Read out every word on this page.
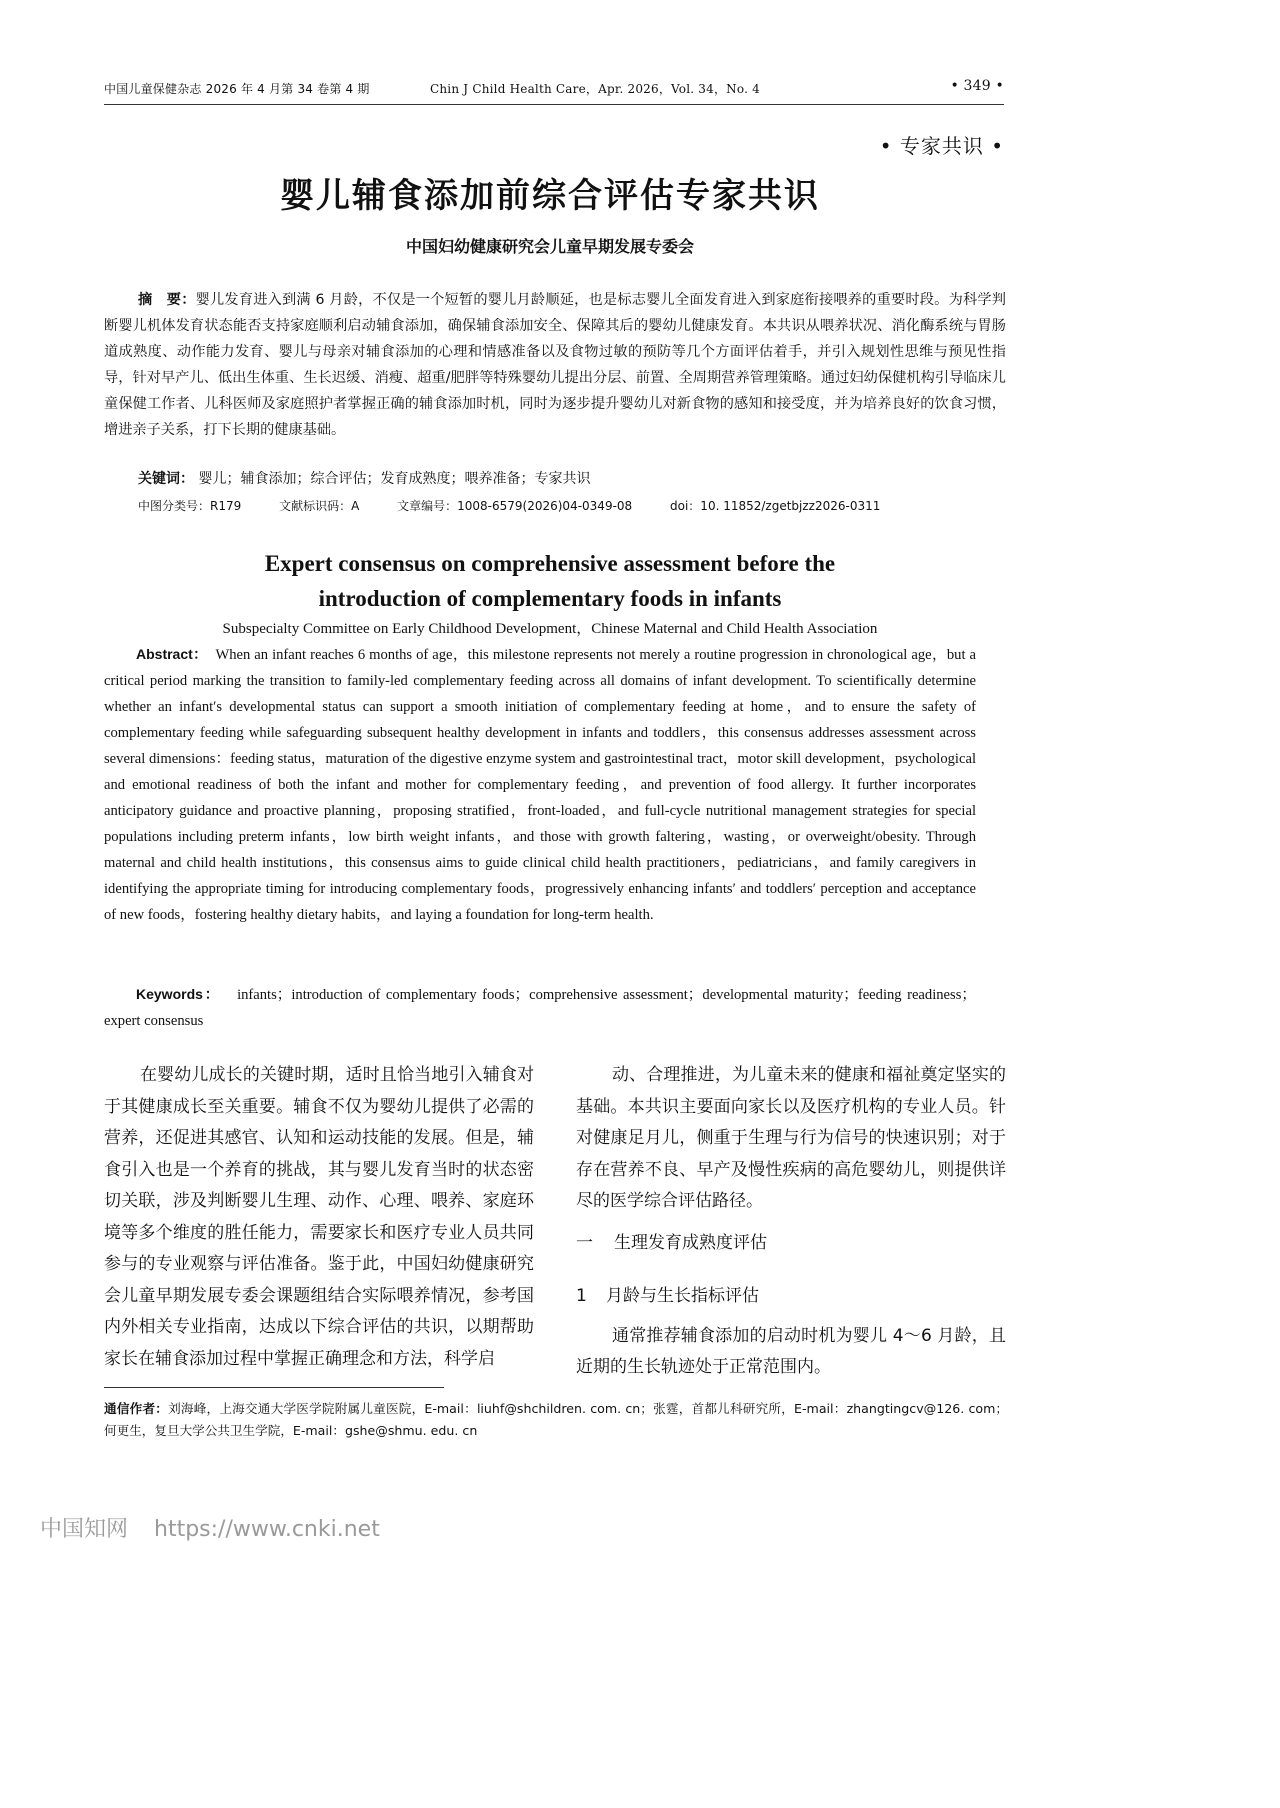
中国儿童保健杂志 2026 年 4 月第 34 卷第 4 期	Chin J Child Health Care，Apr. 2026，Vol. 34，No. 4	• 349 •
• 专家共识 •
婴儿辅食添加前综合评估专家共识
中国妇幼健康研究会儿童早期发展专委会
摘　要：婴儿发育进入到满 6 月龄，不仅是一个短暂的婴儿月龄顺延，也是标志婴儿全面发育进入到家庭衔接喂养的重要时段。为科学判断婴儿机体发育状态能否支持家庭顺利启动辅食添加，确保辅食添加安全、保障其后的婴幼儿健康发育。本共识从喂养状况、消化酶系统与胃肠道成熟度、动作能力发育、婴儿与母亲对辅食添加的心理和情感准备以及食物过敏的预防等几个方面评估着手，并引入规划性思维与预见性指导，针对早产儿、低出生体重、生长迟缓、消瘦、超重/肥胖等特殊婴幼儿提出分层、前置、全周期营养管理策略。通过妇幼保健机构引导临床儿童保健工作者、儿科医师及家庭照护者掌握正确的辅食添加时机，同时为逐步提升婴幼儿对新食物的感知和接受度，并为培养良好的饮食习惯，增进亲子关系，打下长期的健康基础。
关键词： 婴儿；辅食添加；综合评估；发育成熟度；喂养准备；专家共识
中图分类号：R179	文献标识码：A	文章编号：1008-6579(2026)04-0349-08	doi：10. 11852/zgetbjzz2026-0311
Expert consensus on comprehensive assessment before the
introduction of complementary foods in infants
Subspecialty Committee on Early Childhood Development，Chinese Maternal and Child Health Association
Abstract： When an infant reaches 6 months of age，this milestone represents not merely a routine progression in chronological age，but a critical period marking the transition to family-led complementary feeding across all domains of infant development. To scientifically determine whether an infant′s developmental status can support a smooth initiation of complementary feeding at home，and to ensure the safety of complementary feeding while safeguarding subsequent healthy development in infants and toddlers，this consensus addresses assessment across several dimensions：feeding status，maturation of the digestive enzyme system and gastrointestinal tract，motor skill development，psychological and emotional readiness of both the infant and mother for complementary feeding，and prevention of food allergy. It further incorporates anticipatory guidance and proactive planning，proposing stratified，front-loaded，and full-cycle nutritional management strategies for special populations including preterm infants，low birth weight infants，and those with growth faltering，wasting，or overweight/obesity. Through maternal and child health institutions，this consensus aims to guide clinical child health practitioners，pediatricians，and family caregivers in identifying the appropriate timing for introducing complementary foods，progressively enhancing infants′ and toddlers′ perception and acceptance of new foods，fostering healthy dietary habits，and laying a foundation for long-term health.
Keywords： infants；introduction of complementary foods；comprehensive assessment；developmental maturity；feeding readiness；expert consensus

在婴幼儿成长的关键时期，适时且恰当地引入辅食对于其健康成长至关重要。辅食不仅为婴幼儿提供了必需的营养，还促进其感官、认知和运动技能的发展。但是，辅食引入也是一个养育的挑战，其与婴儿发育当时的状态密切关联，涉及判断婴儿生理、动作、心理、喂养、家庭环境等多个维度的胜任能力，需要家长和医疗专业人员共同参与的专业观察与评估准备。鉴于此，中国妇幼健康研究会儿童早期发展专委会课题组结合实际喂养情况，参考国内外相关专业指南，达成以下综合评估的共识，以期帮助家长在辅食添加过程中掌握正确理念和方法，科学启

动、合理推进，为儿童未来的健康和福祉奠定坚实的基础。本共识主要面向家长以及医疗机构的专业人员。针对健康足月儿，侧重于生理与行为信号的快速识别；对于存在营养不良、早产及慢性疾病的高危婴幼儿，则提供详尽的医学综合评估路径。

一 生理发育成熟度评估
1 月龄与生长指标评估

通常推荐辅食添加的启动时机为婴儿 4～6 月龄，且近期的生长轨迹处于正常范围内。

通信作者：刘海峰，上海交通大学医学院附属儿童医院，E-mail：liuhf@shchildren. com. cn；张霆，首都儿科研究所，E-mail：zhangtingcv@126. com；何更生，复旦大学公共卫生学院，E-mail：gshe@shmu. edu. cn
中国知网 https://www.cnki.net
